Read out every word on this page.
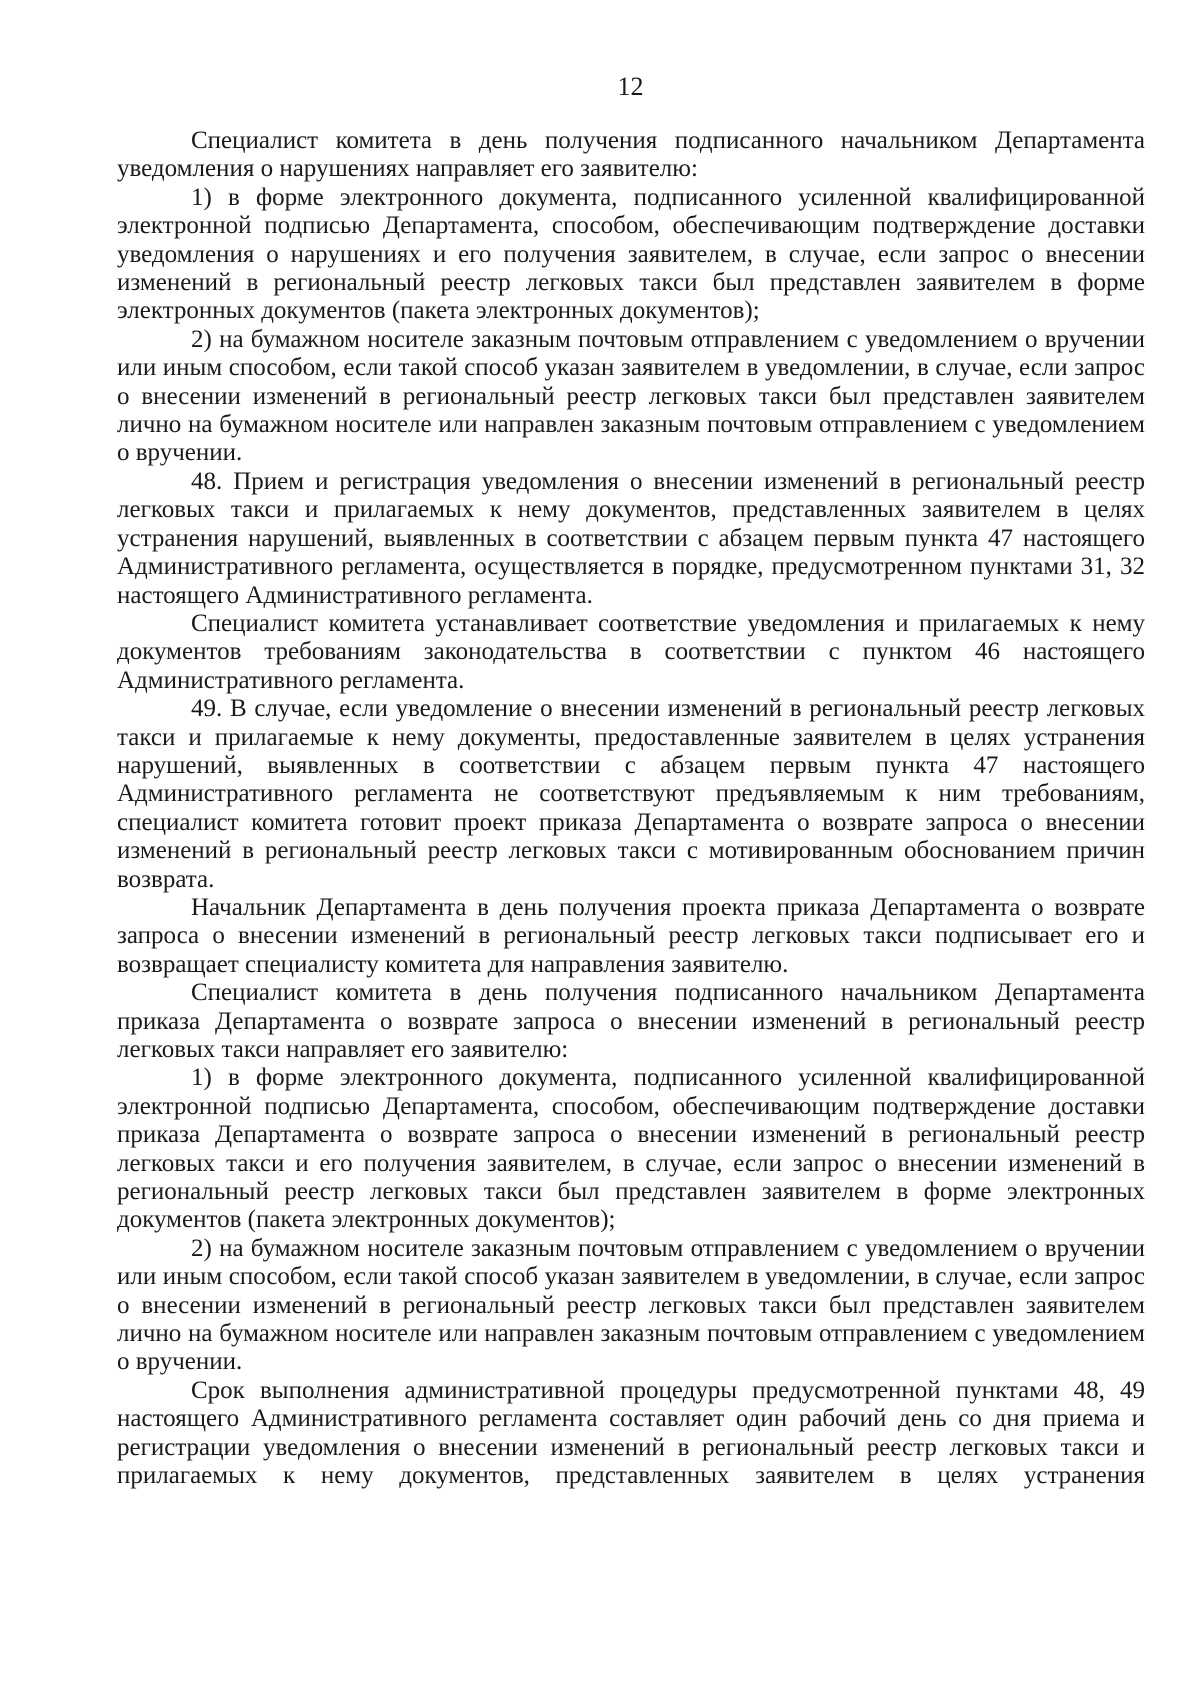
12

Специалист комитета в день получения подписанного начальником Департамента уведомления о нарушениях направляет его заявителю:

1) в форме электронного документа, подписанного усиленной квалифицированной электронной подписью Департамента, способом, обеспечивающим подтверждение доставки уведомления о нарушениях и его получения заявителем, в случае, если запрос о внесении изменений в региональный реестр легковых такси был представлен заявителем в форме электронных документов (пакета электронных документов);

2) на бумажном носителе заказным почтовым отправлением с уведомлением о вручении или иным способом, если такой способ указан заявителем в уведомлении, в случае, если запрос о внесении изменений в региональный реестр легковых такси был представлен заявителем лично на бумажном носителе или направлен заказным почтовым отправлением с уведомлением о вручении.

48. Прием и регистрация уведомления о внесении изменений в региональный реестр легковых такси и прилагаемых к нему документов, представленных заявителем в целях устранения нарушений, выявленных в соответствии с абзацем первым пункта 47 настоящего Административного регламента, осуществляется в порядке, предусмотренном пунктами 31, 32 настоящего Административного регламента.

Специалист комитета устанавливает соответствие уведомления и прилагаемых к нему документов требованиям законодательства в соответствии с пунктом 46 настоящего Административного регламента.

49. В случае, если уведомление о внесении изменений в региональный реестр легковых такси и прилагаемые к нему документы, предоставленные заявителем в целях устранения нарушений, выявленных в соответствии с абзацем первым пункта 47 настоящего Административного регламента не соответствуют предъявляемым к ним требованиям, специалист комитета готовит проект приказа Департамента о возврате запроса о внесении изменений в региональный реестр легковых такси с мотивированным обоснованием причин возврата.

Начальник Департамента в день получения проекта приказа Департамента о возврате запроса о внесении изменений в региональный реестр легковых такси подписывает его и возвращает специалисту комитета для направления заявителю.

Специалист комитета в день получения подписанного начальником Департамента приказа Департамента о возврате запроса о внесении изменений в региональный реестр легковых такси направляет его заявителю:

1) в форме электронного документа, подписанного усиленной квалифицированной электронной подписью Департамента, способом, обеспечивающим подтверждение доставки приказа Департамента о возврате запроса о внесении изменений в региональный реестр легковых такси и его получения заявителем, в случае, если запрос о внесении изменений в региональный реестр легковых такси был представлен заявителем в форме электронных документов (пакета электронных документов);

2) на бумажном носителе заказным почтовым отправлением с уведомлением о вручении или иным способом, если такой способ указан заявителем в уведомлении, в случае, если запрос о внесении изменений в региональный реестр легковых такси был представлен заявителем лично на бумажном носителе или направлен заказным почтовым отправлением с уведомлением о вручении.

Срок выполнения административной процедуры предусмотренной пунктами 48, 49 настоящего Административного регламента составляет один рабочий день со дня приема и регистрации уведомления о внесении изменений в региональный реестр легковых такси и прилагаемых к нему документов, представленных заявителем в целях устранения
